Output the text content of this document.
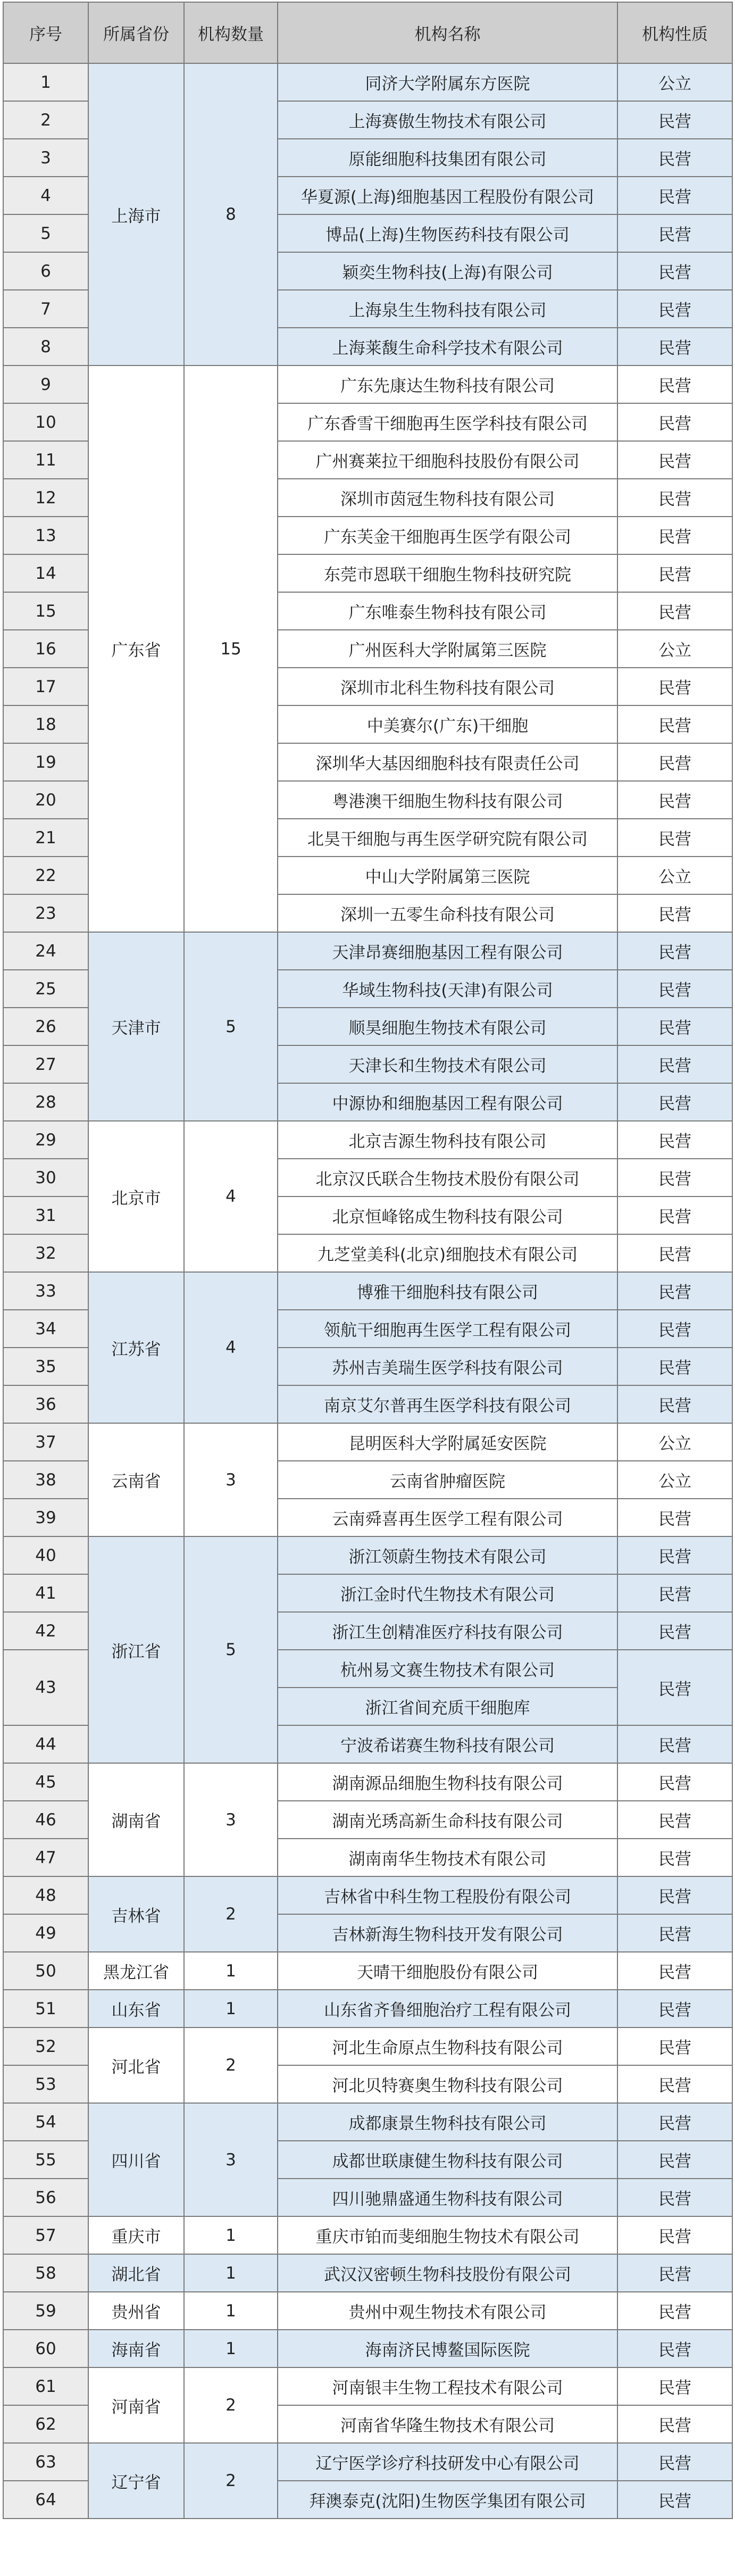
序号	所属省份	机构数量	机构名称	机构性质
1	上海市	8	同济大学附属东方医院	公立
2			上海赛傲生物技术有限公司	民营
3			原能细胞科技集团有限公司	民营
4			华夏源(上海)细胞基因工程股份有限公司	民营
5			博品(上海)生物医药科技有限公司	民营
6			颖奕生物科技(上海)有限公司	民营
7			上海泉生生物科技有限公司	民营
8			上海莱馥生命科学技术有限公司	民营
9	广东省	15	广东先康达生物科技有限公司	民营
10			广东香雪干细胞再生医学科技有限公司	民营
11			广州赛莱拉干细胞科技股份有限公司	民营
12			深圳市茵冠生物科技有限公司	民营
13			广东芙金干细胞再生医学有限公司	民营
14			东莞市恩联干细胞生物科技研究院	民营
15			广东唯泰生物科技有限公司	民营
16			广州医科大学附属第三医院	公立
17			深圳市北科生物科技有限公司	民营
18			中美赛尔(广东)干细胞	民营
19			深圳华大基因细胞科技有限责任公司	民营
20			粤港澳干细胞生物科技有限公司	民营
21			北昊干细胞与再生医学研究院有限公司	民营
22			中山大学附属第三医院	公立
23			深圳一五零生命科技有限公司	民营
24	天津市	5	天津昂赛细胞基因工程有限公司	民营
25			华域生物科技(天津)有限公司	民营
26			顺昊细胞生物技术有限公司	民营
27			天津长和生物技术有限公司	民营
28			中源协和细胞基因工程有限公司	民营
29	北京市	4	北京吉源生物科技有限公司	民营
30			北京汉氏联合生物技术股份有限公司	民营
31			北京恒峰铭成生物科技有限公司	民营
32			九芝堂美科(北京)细胞技术有限公司	民营
33	江苏省	4	博雅干细胞科技有限公司	民营
34			领航干细胞再生医学工程有限公司	民营
35			苏州吉美瑞生医学科技有限公司	民营
36			南京艾尔普再生医学科技有限公司	民营
37	云南省	3	昆明医科大学附属延安医院	公立
38			云南省肿瘤医院	公立
39			云南舜喜再生医学工程有限公司	民营
40	浙江省	5	浙江领蔚生物技术有限公司	民营
41			浙江金时代生物技术有限公司	民营
42			浙江生创精准医疗科技有限公司	民营
43			杭州易文赛生物技术有限公司	民营
			浙江省间充质干细胞库	
44			宁波希诺赛生物科技有限公司	民营
45	湖南省	3	湖南源品细胞生物科技有限公司	民营
46			湖南光琇高新生命科技有限公司	民营
47			湖南南华生物技术有限公司	民营
48	吉林省	2	吉林省中科生物工程股份有限公司	民营
49			吉林新海生物科技开发有限公司	民营
50	黑龙江省	1	天晴干细胞股份有限公司	民营
51	山东省	1	山东省齐鲁细胞治疗工程有限公司	民营
52	河北省	2	河北生命原点生物科技有限公司	民营
53			河北贝特赛奥生物科技有限公司	民营
54	四川省	3	成都康景生物科技有限公司	民营
55			成都世联康健生物科技有限公司	民营
56			四川驰鼎盛通生物科技有限公司	民营
57	重庆市	1	重庆市铂而斐细胞生物技术有限公司	民营
58	湖北省	1	武汉汉密顿生物科技股份有限公司	民营
59	贵州省	1	贵州中观生物技术有限公司	民营
60	海南省	1	海南济民博鳌国际医院	民营
61	河南省	2	河南银丰生物工程技术有限公司	民营
62			河南省华隆生物技术有限公司	民营
63	辽宁省	2	辽宁医学诊疗科技研发中心有限公司	民营
64			拜澳泰克(沈阳)生物医学集团有限公司	民营
